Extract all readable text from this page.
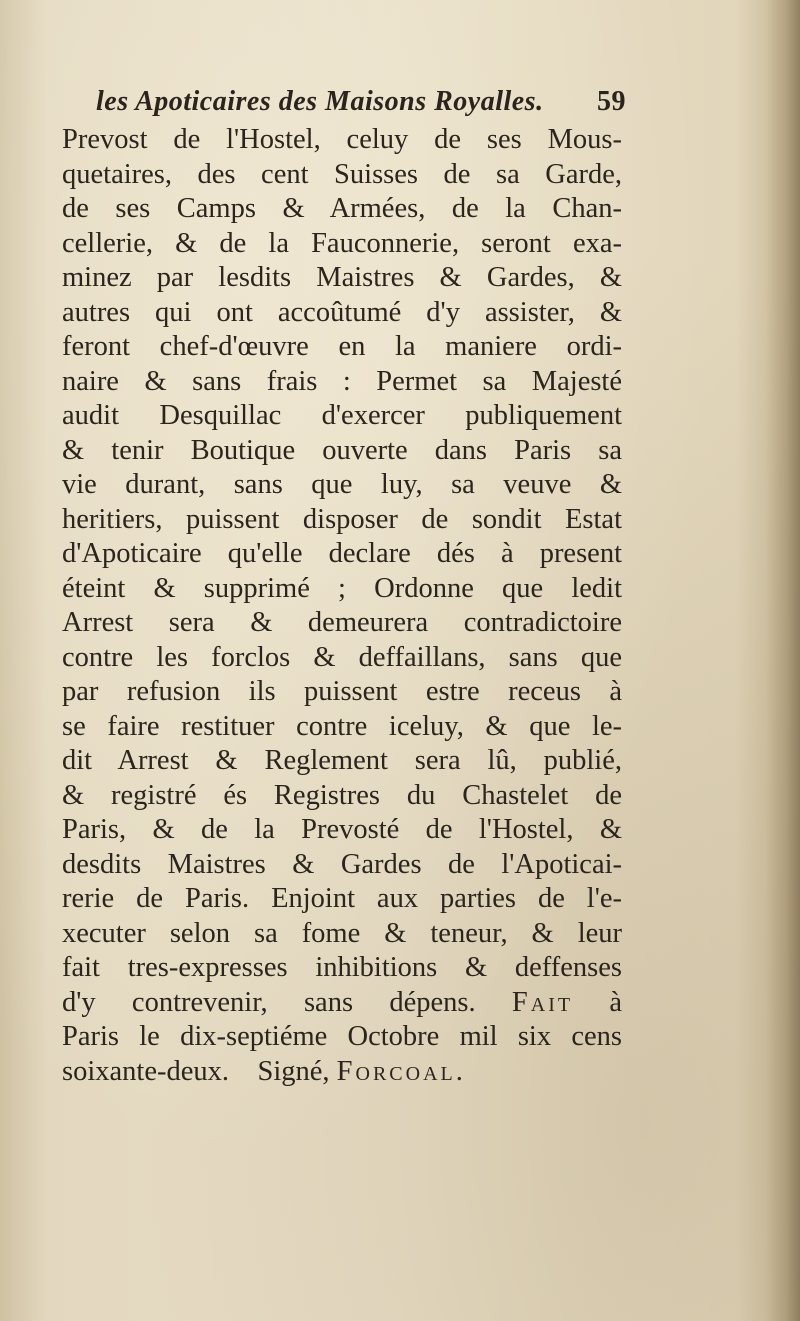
les Apoticaires des Maisons Royalles. 59
Prevost de l'Hostel, celuy de ses Mous-
quetaires, des cent Suisses de sa Garde,
de ses Camps & Armées, de la Chan-
cellerie, & de la Fauconnerie, seront exa-
minez par lesdits Maistres & Gardes, &
autres qui ont accoûtumé d'y assister, &
feront chef-d'œuvre en la maniere ordi-
naire & sans frais : Permet sa Majesté
audit Desquillac d'exercer publiquement
& tenir Boutique ouverte dans Paris sa
vie durant, sans que luy, sa veuve &
heritiers, puissent disposer de sondit Estat
d'Apoticaire qu'elle declare dés à present
éteint & supprimé ; Ordonne que ledit
Arrest sera & demeurera contradictoire
contre les forclos & deffaillans, sans que
par refusion ils puissent estre receus à
se faire restituer contre iceluy, & que le-
dit Arrest & Reglement sera lû, publié,
& registré és Registres du Chastelet de
Paris, & de la Prevosté de l'Hostel, &
desdits Maistres & Gardes de l'Apoticai-
rerie de Paris. Enjoint aux parties de l'e-
xecuter selon sa fome & teneur, & leur
fait tres-expresses inhibitions & deffenses
d'y contrevenir, sans dépens. Fait à
Paris le dix-septiéme Octobre mil six cens
soixante-deux. Signé, Forcoal.
